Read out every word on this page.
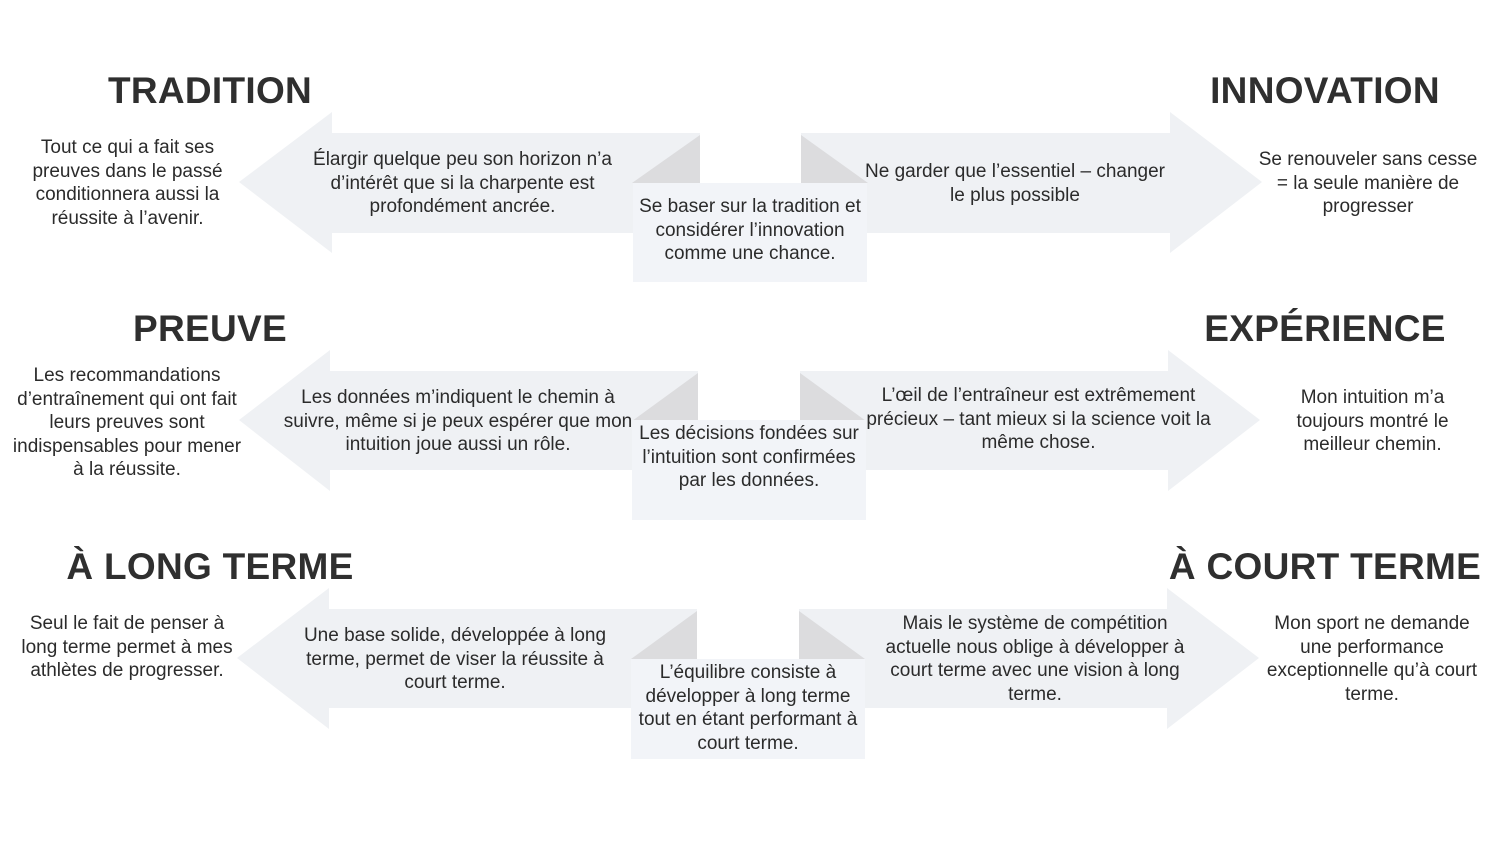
TRADITION	INNOVATION
Tout ce qui a fait ses preuves dans le passé conditionnera aussi la réussite à l’avenir.
Se renouveler sans cesse = la seule manière de progresser
Élargir quelque peu son horizon n’a d’intérêt que si la charpente est profondément ancrée.
Ne garder que l’essentiel – changer le plus possible
Se baser sur la tradition et considérer l’innovation comme une chance.
PREUVE	EXPÉRIENCE
Les recommandations d’entraînement qui ont fait leurs preuves sont indispensables pour mener à la réussite.
Mon intuition m’a toujours montré le meilleur chemin.
Les données m’indiquent le chemin à suivre, même si je peux espérer que mon intuition joue aussi un rôle.
L’œil de l’entraîneur est extrêmement précieux – tant mieux si la science voit la même chose.
Les décisions fondées sur l’intuition sont confirmées par les données.
À LONG TERME	À COURT TERME
Seul le fait de penser à long terme permet à mes athlètes de progresser.
Mon sport ne demande une performance exceptionnelle qu’à court terme.
Une base solide, développée à long terme, permet de viser la réussite à court terme.
Mais le système de compétition actuelle nous oblige à développer à court terme avec une vision à long terme.
L’équilibre consiste à développer à long terme tout en étant performant à court terme.
